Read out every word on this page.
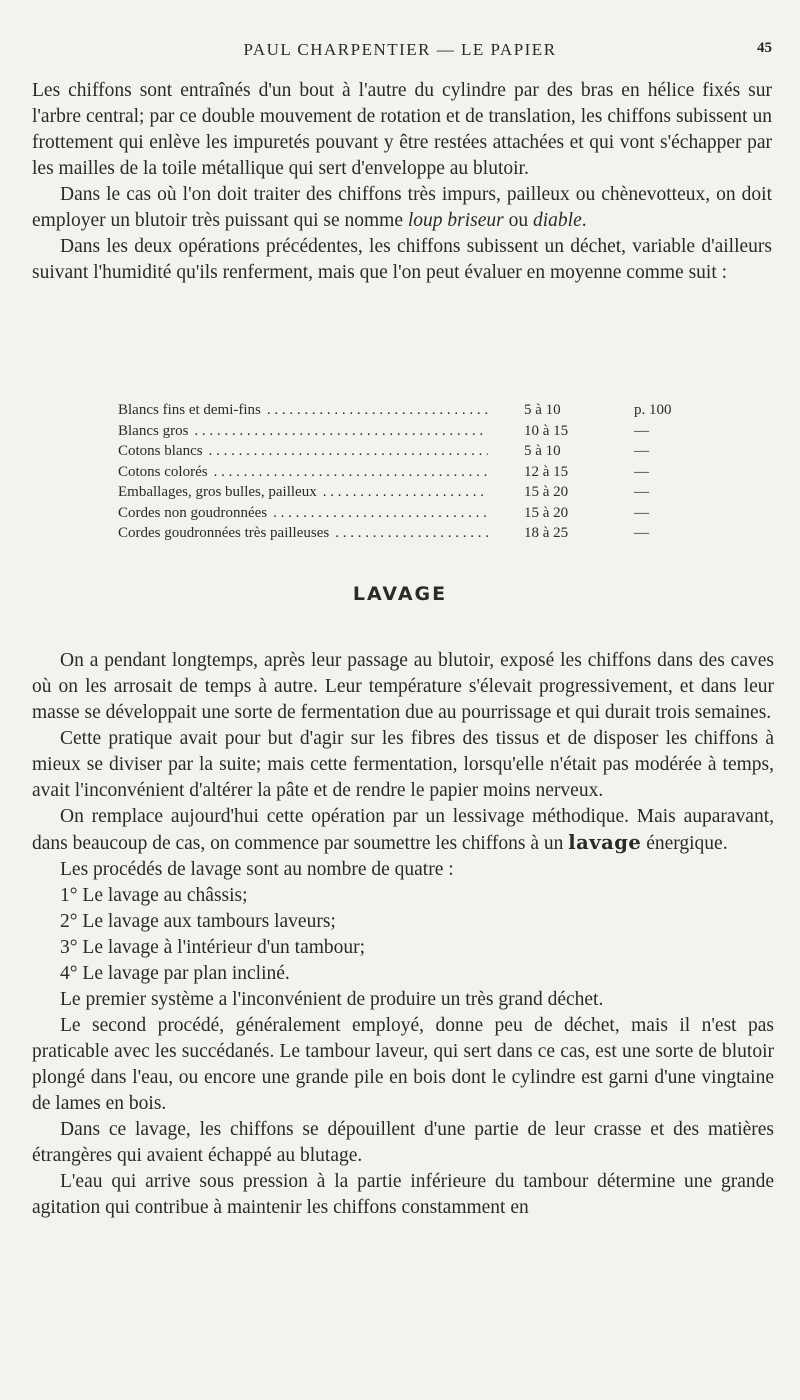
PAUL CHARPENTIER — LE PAPIER	45

Les chiffons sont entraînés d'un bout à l'autre du cylindre par des bras en hélice fixés sur l'arbre central; par ce double mouvement de rotation et de translation, les chiffons subissent un frottement qui enlève les impuretés pouvant y être restées attachées et qui vont s'échapper par les mailles de la toile métallique qui sert d'enveloppe au blutoir.

Dans le cas où l'on doit traiter des chiffons très impurs, pailleux ou chènevotteux, on doit employer un blutoir très puissant qui se nomme loup briseur ou diable.

Dans les deux opérations précédentes, les chiffons subissent un déchet, variable d'ailleurs suivant l'humidité qu'ils renferment, mais que l'on peut évaluer en moyenne comme suit :

Blancs fins et demi-fins . . .	5 à 10	p. 100
Blancs gros . . .	10 à 15	—
Cotons blancs . . .	5 à 10	—
Cotons colorés . . .	12 à 15	—
Emballages, gros bulles, pailleux . . .	15 à 20	—
Cordes non goudronnées . . .	15 à 20	—
Cordes goudronnées très pailleuses . . .	18 à 25	—
LAVAGE

On a pendant longtemps, après leur passage au blutoir, exposé les chiffons dans des caves où on les arrosait de temps à autre. Leur température s'élevait progressivement, et dans leur masse se développait une sorte de fermentation due au pourrissage et qui durait trois semaines.

Cette pratique avait pour but d'agir sur les fibres des tissus et de disposer les chiffons à mieux se diviser par la suite; mais cette fermentation, lorsqu'elle n'était pas modérée à temps, avait l'inconvénient d'altérer la pâte et de rendre le papier moins nerveux.

On remplace aujourd'hui cette opération par un lessivage méthodique. Mais auparavant, dans beaucoup de cas, on commence par soumettre les chiffons à un lavage énergique.

Les procédés de lavage sont au nombre de quatre :

1° Le lavage au châssis;

2° Le lavage aux tambours laveurs;

3° Le lavage à l'intérieur d'un tambour;

4° Le lavage par plan incliné.

Le premier système a l'inconvénient de produire un très grand déchet.

Le second procédé, généralement employé, donne peu de déchet, mais il n'est pas praticable avec les succédanés. Le tambour laveur, qui sert dans ce cas, est une sorte de blutoir plongé dans l'eau, ou encore une grande pile en bois dont le cylindre est garni d'une vingtaine de lames en bois.

Dans ce lavage, les chiffons se dépouillent d'une partie de leur crasse et des matières étrangères qui avaient échappé au blutage.

L'eau qui arrive sous pression à la partie inférieure du tambour détermine une grande agitation qui contribue à maintenir les chiffons constamment en
